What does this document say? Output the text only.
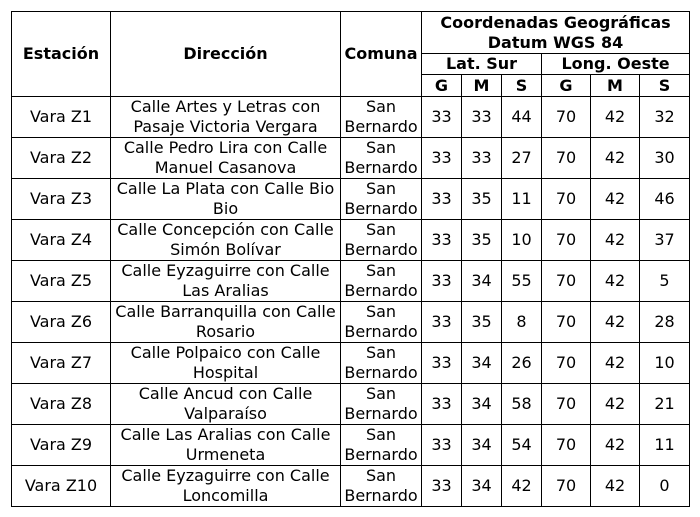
Estación	Dirección	Comuna	Coordenadas Geográficas
Datum WGS 84					
			Lat. Sur			Long. Oeste		
			G	M	S	G	M	S
Vara Z1	Calle Artes y Letras con
Pasaje Victoria Vergara	San
Bernardo	33	33	44	70	42	32
Vara Z2	Calle Pedro Lira con Calle
Manuel Casanova	San
Bernardo	33	33	27	70	42	30
Vara Z3	Calle La Plata con Calle Bio
Bio	San
Bernardo	33	35	11	70	42	46
Vara Z4	Calle Concepción con Calle
Simón Bolívar	San
Bernardo	33	35	10	70	42	37
Vara Z5	Calle Eyzaguirre con Calle
Las Aralias	San
Bernardo	33	34	55	70	42	5
Vara Z6	Calle Barranquilla con Calle
Rosario	San
Bernardo	33	35	8	70	42	28
Vara Z7	Calle Polpaico con Calle
Hospital	San
Bernardo	33	34	26	70	42	10
Vara Z8	Calle Ancud con Calle
Valparaíso	San
Bernardo	33	34	58	70	42	21
Vara Z9	Calle Las Aralias con Calle
Urmeneta	San
Bernardo	33	34	54	70	42	11
Vara Z10	Calle Eyzaguirre con Calle
Loncomilla	San
Bernardo	33	34	42	70	42	0
